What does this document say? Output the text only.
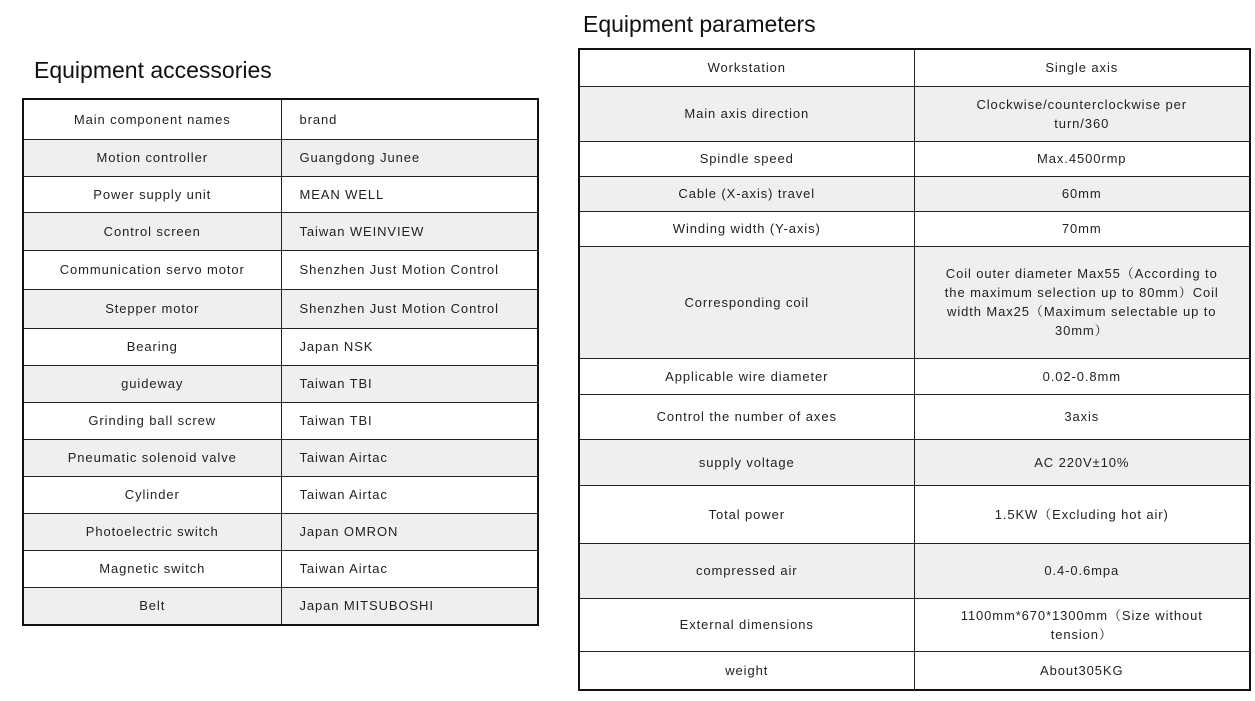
Equipment accessories
Main component names	brand
Motion controller	Guangdong Junee
Power supply unit	MEAN WELL
Control screen	Taiwan WEINVIEW
Communication servo motor	Shenzhen Just Motion Control
Stepper motor	Shenzhen Just Motion Control
Bearing	Japan NSK
guideway	Taiwan TBI
Grinding ball screw	Taiwan TBI
Pneumatic solenoid valve	Taiwan Airtac
Cylinder	Taiwan Airtac
Photoelectric switch	Japan OMRON
Magnetic switch	Taiwan Airtac
Belt	Japan MITSUBOSHI
Equipment parameters
Workstation	Single axis
Main axis direction	Clockwise/counterclockwise per turn/360
Spindle speed	Max.4500rmp
Cable (X-axis) travel	60mm
Winding width (Y-axis)	70mm
Corresponding coil	Coil outer diameter Max55（According to the maximum selection up to 80mm）Coil width Max25（Maximum selectable up to 30mm）
Applicable wire diameter	0.02-0.8mm
Control the number of axes	3axis
supply voltage	AC 220V±10%
Total power	1.5KW（Excluding hot air)
compressed air	0.4-0.6mpa
External dimensions	1100mm*670*1300mm（Size without tension）
weight	About305KG
